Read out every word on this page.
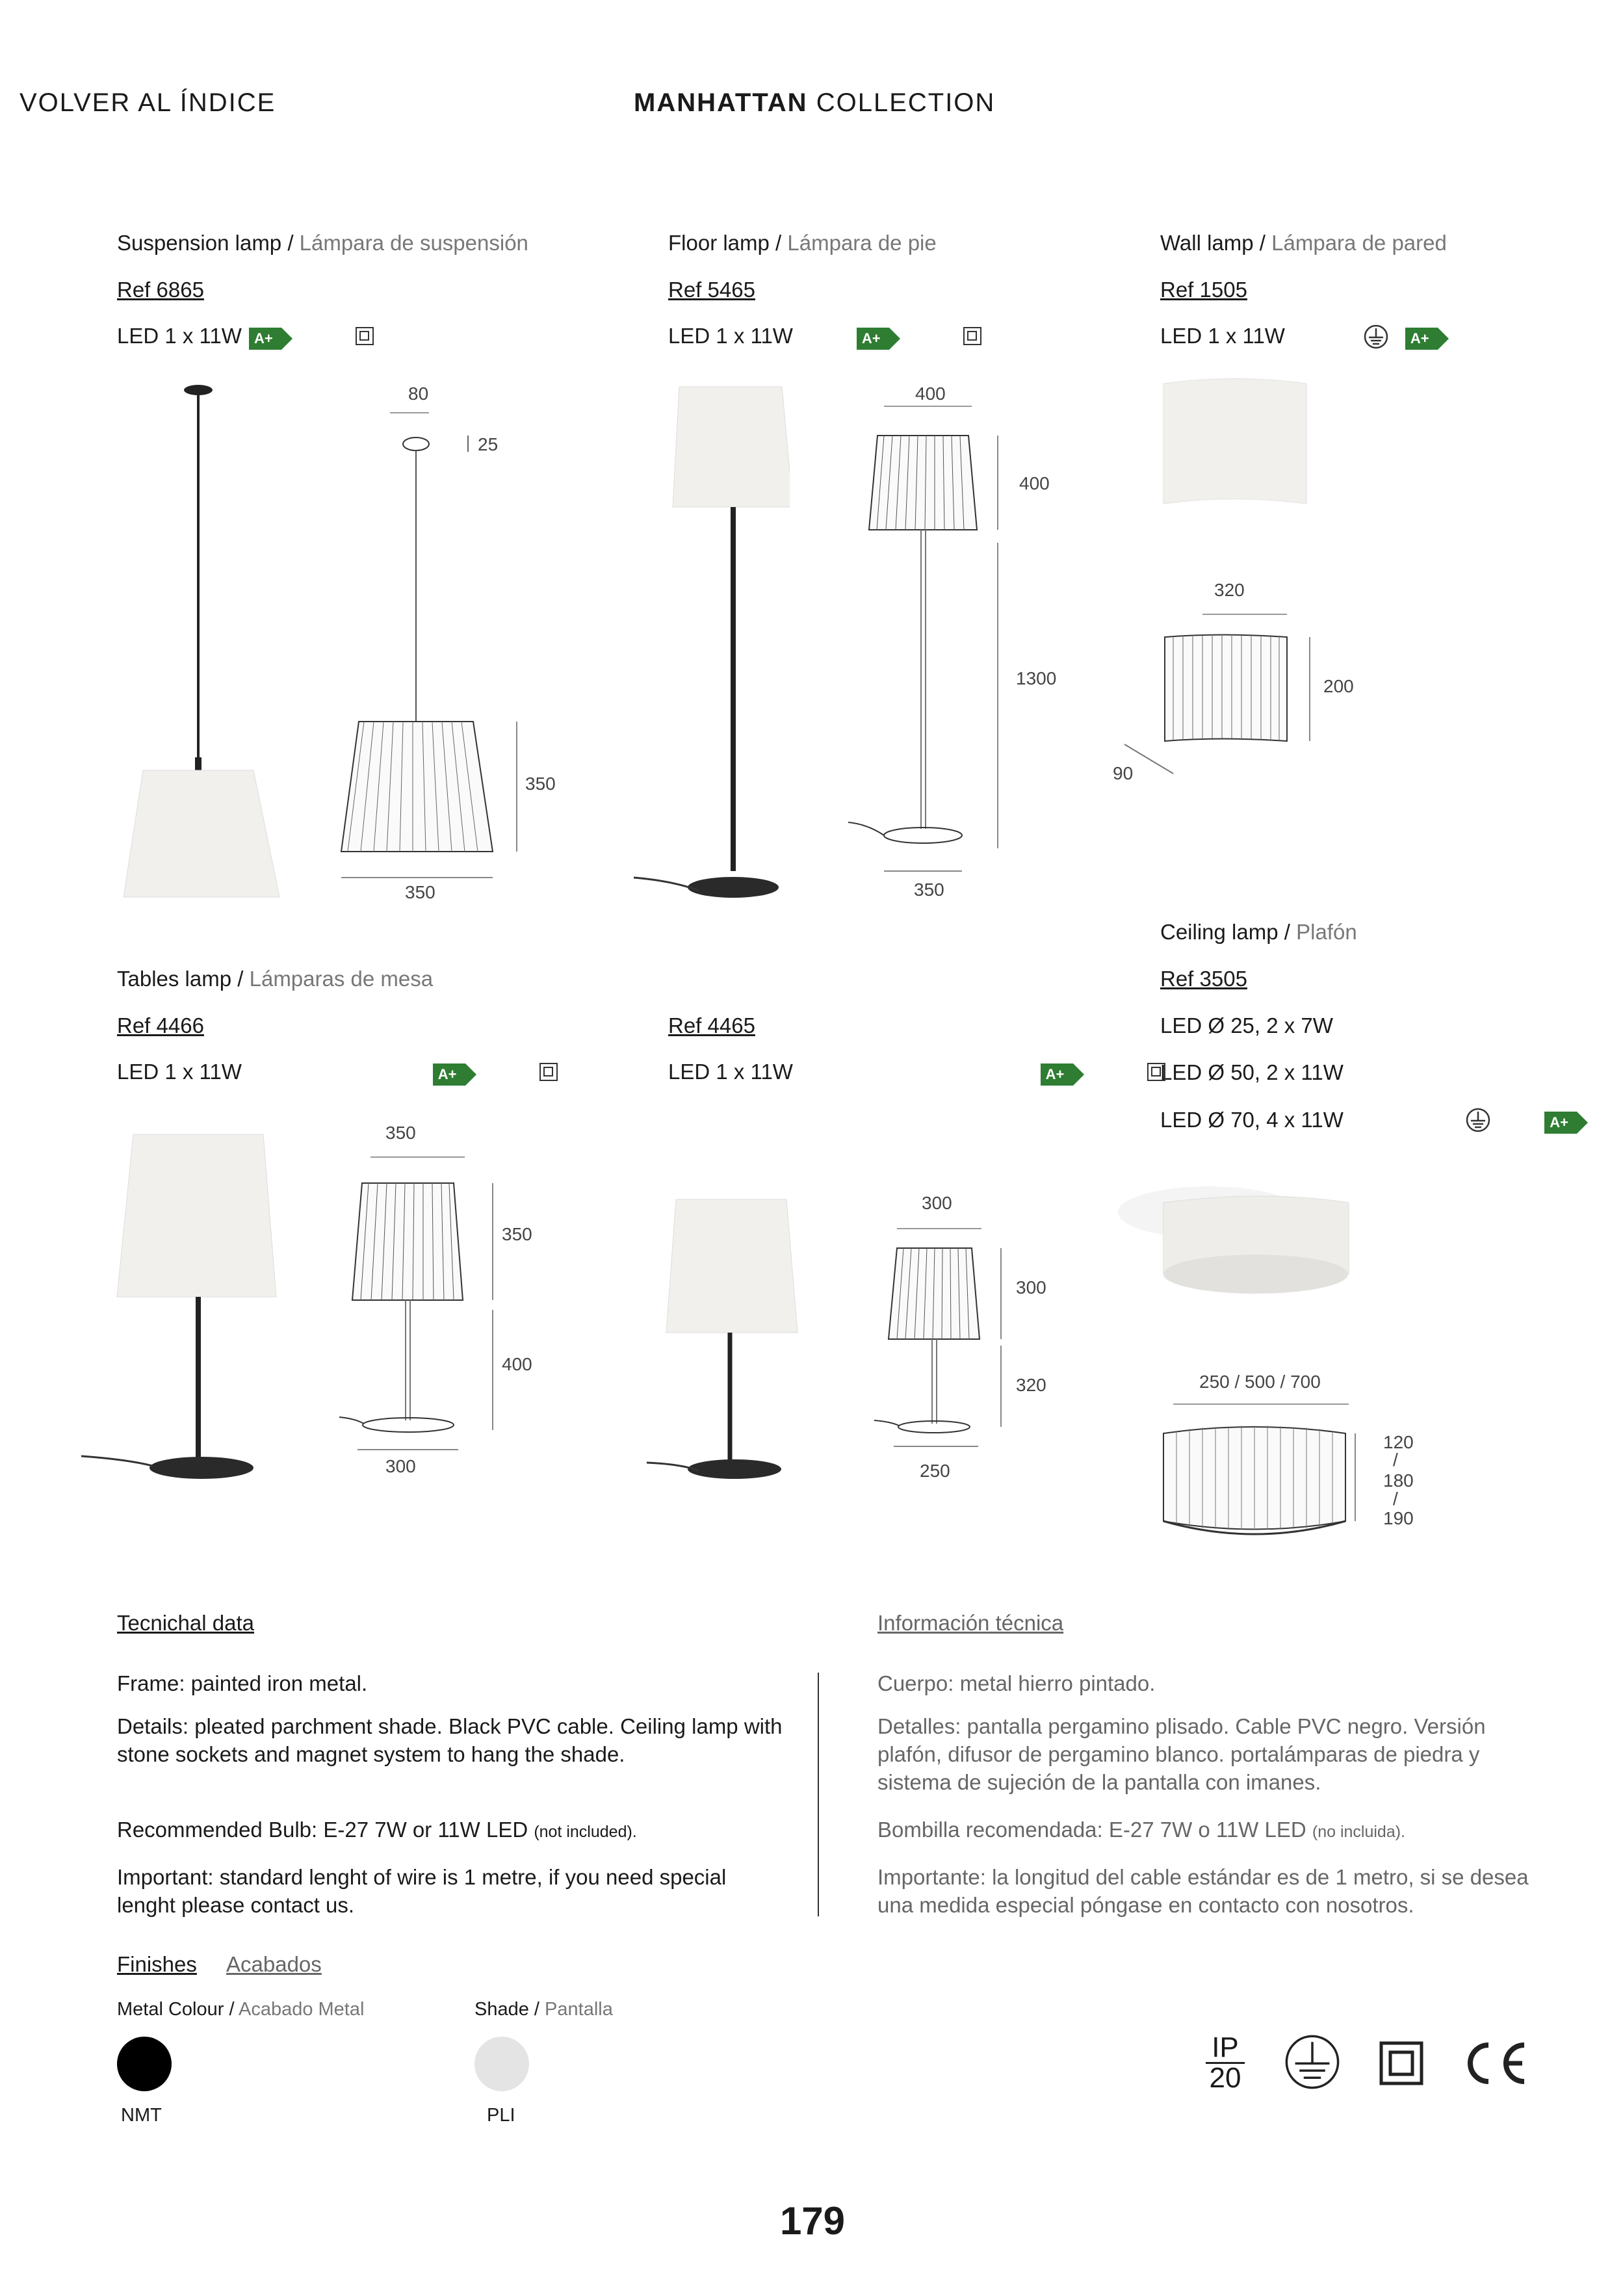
VOLVER AL ÍNDICE	MANHATTAN COLLECTION
Suspension lamp / Lámpara de suspensión
Ref 6865
LED 1 x 11W A+
80
25
350
350
Floor lamp / Lámpara de pie
Ref 5465
LED 1 x 11W	A+
400
400
1300
350
Wall lamp / Lámpara de pared
Ref 1505
LED 1 x 11W	A+
320
200
90
Ceiling lamp / Plafón
Ref 3505
LED Ø 25, 2 x 7W
LED Ø 50, 2 x 11W
LED Ø 70, 4 x 11W	A+
250 / 500 / 700
120
/
180
/
190
Tables lamp / Lámparas de mesa
Ref 4466
LED 1 x 11W	A+
350
350
400
300
Ref 4465
LED 1 x 11W	A+
300
300
320
250
Tecnichal data	Información técnica
Frame: painted iron metal.
Details: pleated parchment shade. Black PVC cable. Ceiling lamp with stone sockets and magnet system to hang the shade.
Recommended Bulb: E-27 7W or 11W LED (not included).
Important: standard lenght of wire is 1 metre, if you need special lenght please contact us.
Cuerpo: metal hierro pintado.
Detalles: pantalla pergamino plisado. Cable PVC negro. Versión plafón, difusor de pergamino blanco. portalámparas de piedra y sistema de sujeción de la pantalla con imanes.
Bombilla recomendada: E-27 7W o 11W LED (no incluida).
Importante: la longitud del cable estándar es de 1 metro, si se desea una medida especial póngase en contacto con nosotros.
Finishes Acabados
Metal Colour / Acabado Metal	Shade / Pantalla
NMT	PLI
IP
20
179
